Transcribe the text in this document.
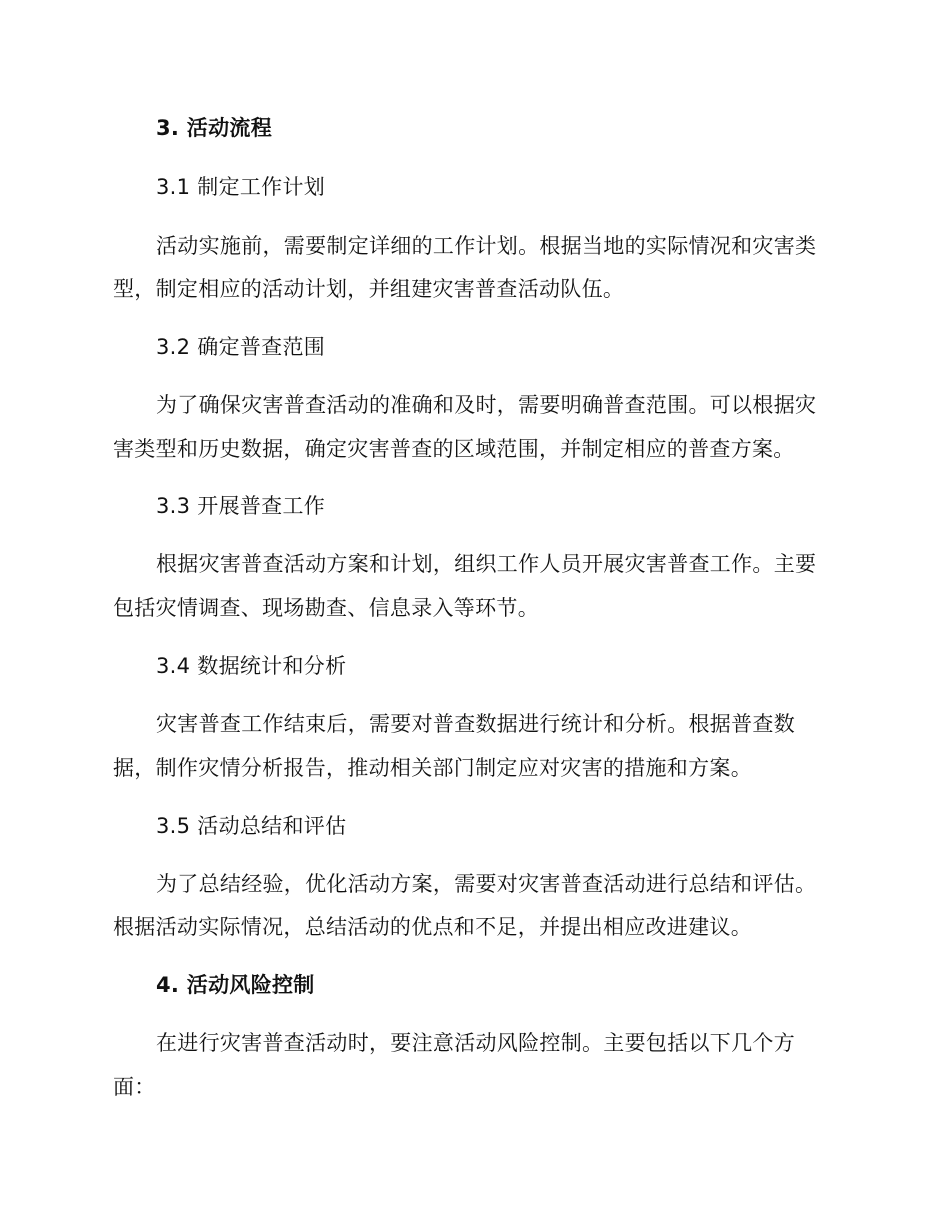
3. 活动流程
3.1 制定工作计划
活动实施前，需要制定详细的工作计划。根据当地的实际情况和灾害类
型，制定相应的活动计划，并组建灾害普查活动队伍。
3.2 确定普查范围
为了确保灾害普查活动的准确和及时，需要明确普查范围。可以根据灾
害类型和历史数据，确定灾害普查的区域范围，并制定相应的普查方案。
3.3 开展普查工作
根据灾害普查活动方案和计划，组织工作人员开展灾害普查工作。主要
包括灾情调查、现场勘查、信息录入等环节。
3.4 数据统计和分析
灾害普查工作结束后，需要对普查数据进行统计和分析。根据普查数
据，制作灾情分析报告，推动相关部门制定应对灾害的措施和方案。
3.5 活动总结和评估
为了总结经验，优化活动方案，需要对灾害普查活动进行总结和评估。
根据活动实际情况，总结活动的优点和不足，并提出相应改进建议。
4. 活动风险控制
在进行灾害普查活动时，要注意活动风险控制。主要包括以下几个方
面：
